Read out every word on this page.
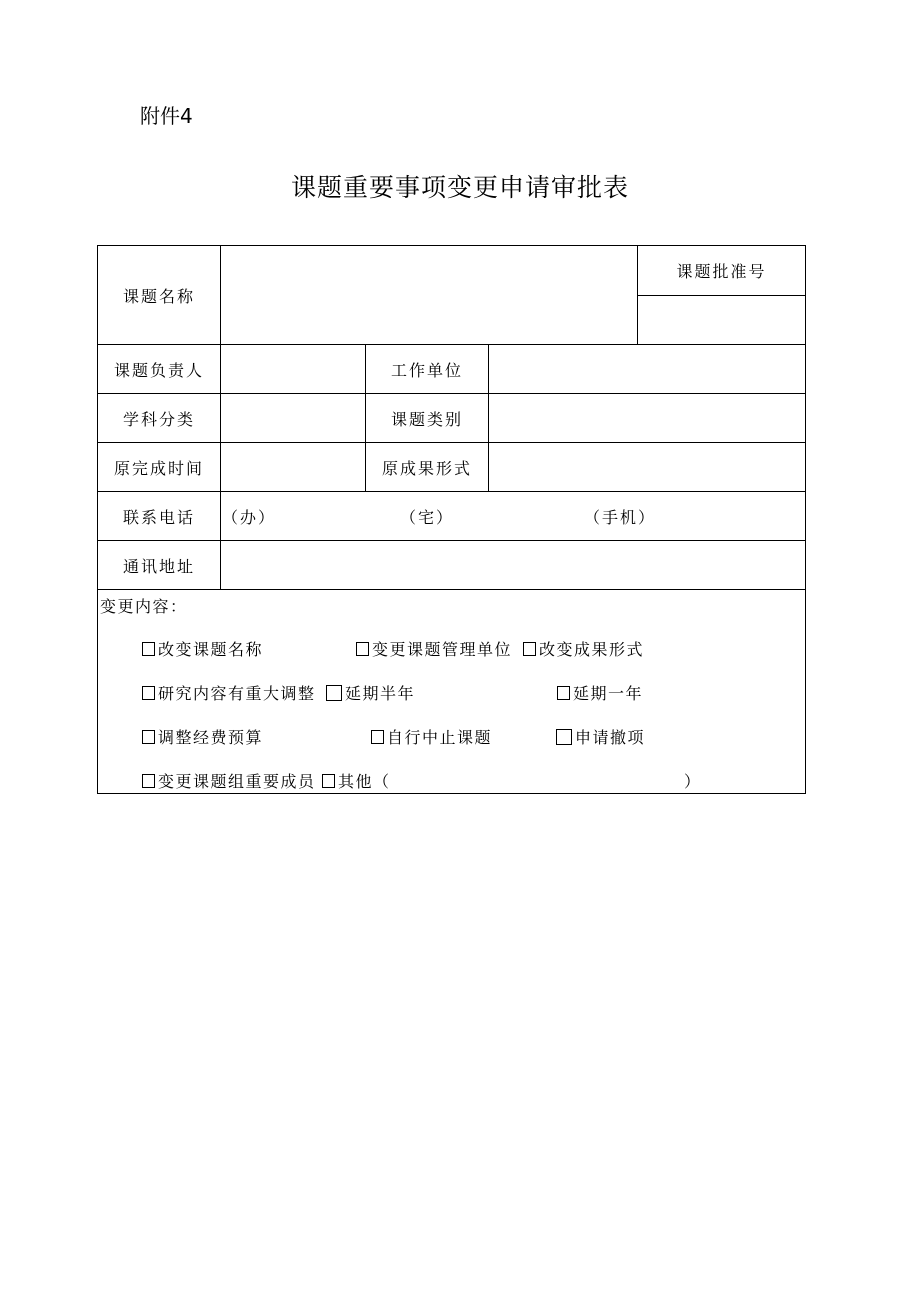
附件4
课题重要事项变更申请审批表
课题名称
课题批准号
课题负责人	工作单位
学科分类	课题类别
原完成时间	原成果形式
联系电话	（办）	（宅）	（手机）
通讯地址
变更内容：
改变课题名称	变更课题管理单位	改变成果形式
研究内容有重大调整	延期半年	延期一年
调整经费预算	自行中止课题	申请撤项
变更课题组重要成员	其他（	）
